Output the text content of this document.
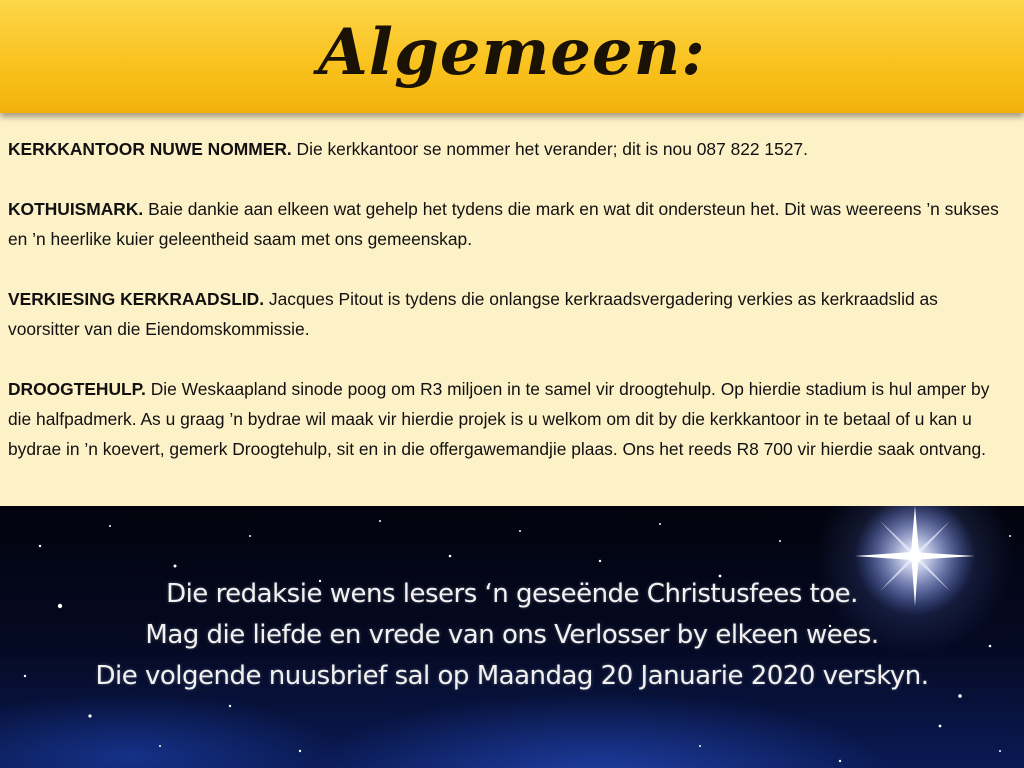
Algemeen:

KERKKANTOOR NUWE NOMMER. Die kerkkantoor se nommer het verander; dit is nou 087 822 1527.

KOTHUISMARK. Baie dankie aan elkeen wat gehelp het tydens die mark en wat dit ondersteun het. Dit was weereens ’n sukses en ’n heerlike kuier geleentheid saam met ons gemeenskap.

VERKIESING KERKRAADSLID. Jacques Pitout is tydens die onlangse kerkraadsvergadering verkies as kerkraadslid as voorsitter van die Eiendomskommissie.

DROOGTEHULP. Die Weskaapland sinode poog om R3 miljoen in te samel vir droogtehulp. Op hierdie stadium is hul amper by die halfpadmerk. As u graag ’n bydrae wil maak vir hierdie projek is u welkom om dit by die kerkkantoor in te betaal of u kan u bydrae in ’n koevert, gemerk Droogtehulp, sit en in die offergawemandjie plaas. Ons het reeds R8 700 vir hierdie saak ontvang.

Die redaksie wens lesers ‘n geseënde Christusfees toe.
Mag die liefde en vrede van ons Verlosser by elkeen wees.
Die volgende nuusbrief sal op Maandag 20 Januarie 2020 verskyn.
